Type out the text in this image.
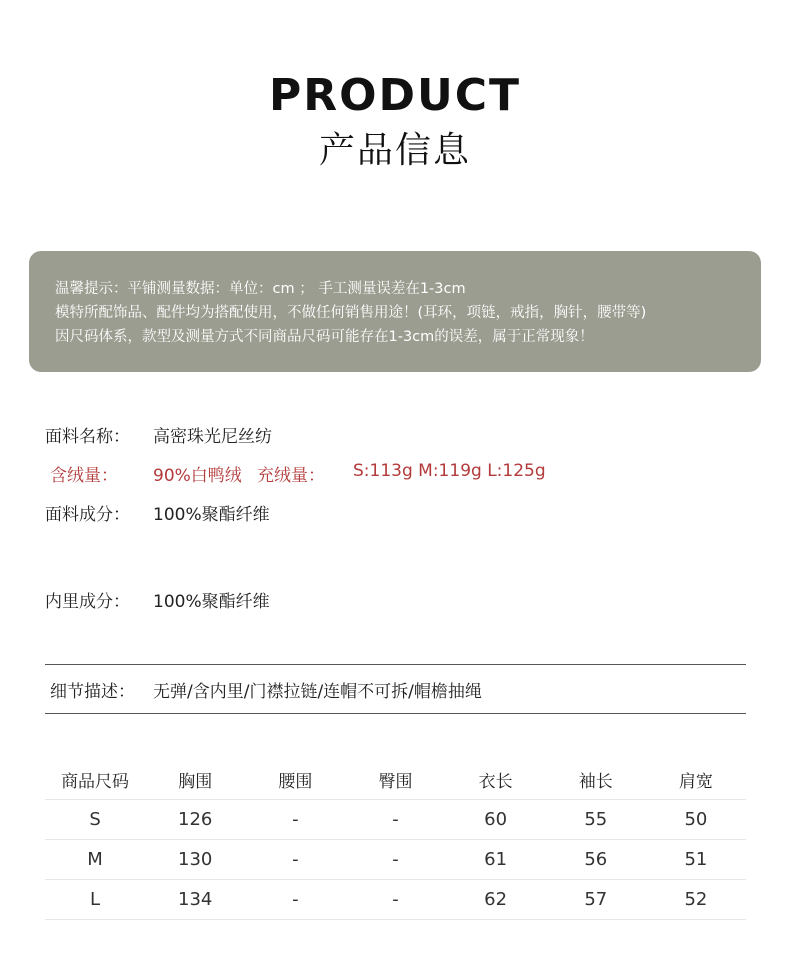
PRODUCT
产品信息
温馨提示：平铺测量数据：单位：cm ； 手工测量误差在1-3cm
模特所配饰品、配件均为搭配使用，不做任何销售用途！(耳环，项链，戒指，胸针，腰带等)
因尺码体系，款型及测量方式不同商品尺码可能存在1-3cm的误差，属于正常现象！
面料名称： 高密珠光尼丝纺
含绒量： 90%白鸭绒 充绒量： S:113g M:119g L:125g
面料成分： 100%聚酯纤维
内里成分： 100%聚酯纤维
细节描述： 无弹/含内里/门襟拉链/连帽不可拆/帽檐抽绳
商品尺码	胸围	腰围	臀围	衣长	袖长	肩宽
S	126	-	-	60	55	50
M	130	-	-	61	56	51
L	134	-	-	62	57	52
